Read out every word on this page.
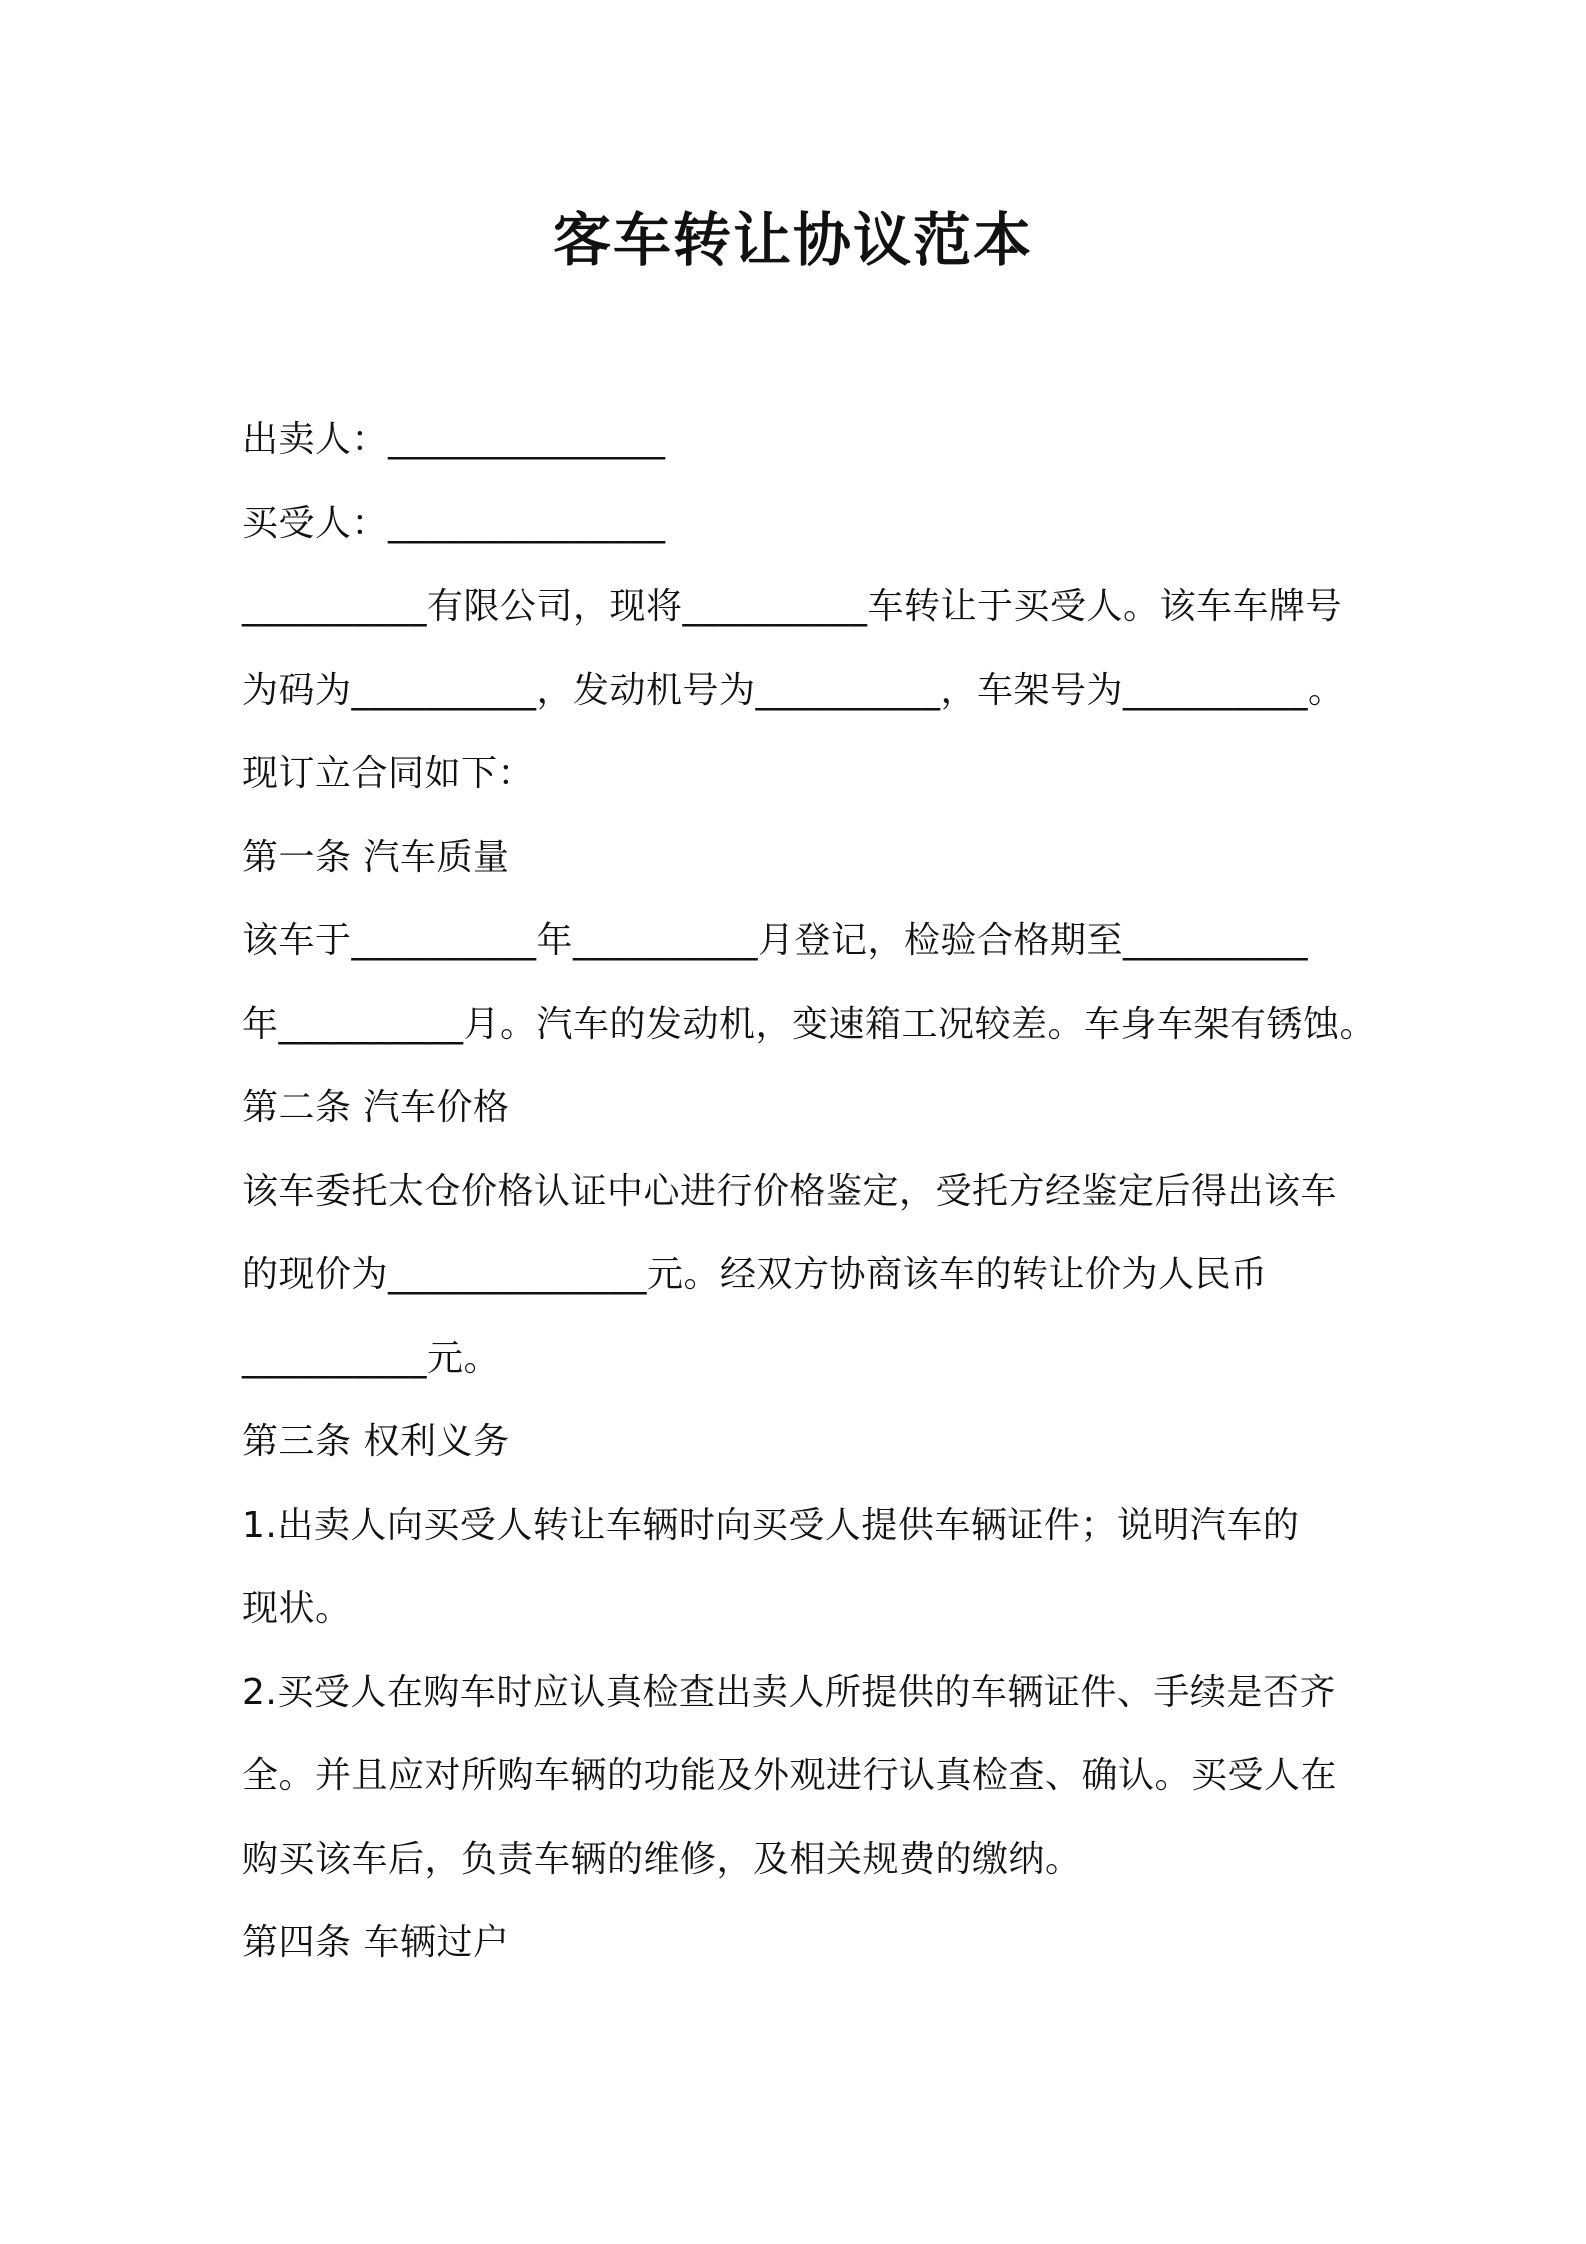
客车转让协议范本
出卖人：_______________
买受人：_______________
__________有限公司，现将__________车转让于买受人。该车车牌号
为码为__________，发动机号为__________，车架号为__________。
现订立合同如下：
第一条 汽车质量
该车于__________年__________月登记，检验合格期至__________
年__________月。汽车的发动机，变速箱工况较差。车身车架有锈蚀。
第二条 汽车价格
该车委托太仓价格认证中心进行价格鉴定，受托方经鉴定后得出该车
的现价为______________元。经双方协商该车的转让价为人民币
__________元。
第三条 权利义务
1.出卖人向买受人转让车辆时向买受人提供车辆证件；说明汽车的
现状。
2.买受人在购车时应认真检查出卖人所提供的车辆证件、手续是否齐
全。并且应对所购车辆的功能及外观进行认真检查、确认。买受人在
购买该车后，负责车辆的维修，及相关规费的缴纳。
第四条 车辆过户
